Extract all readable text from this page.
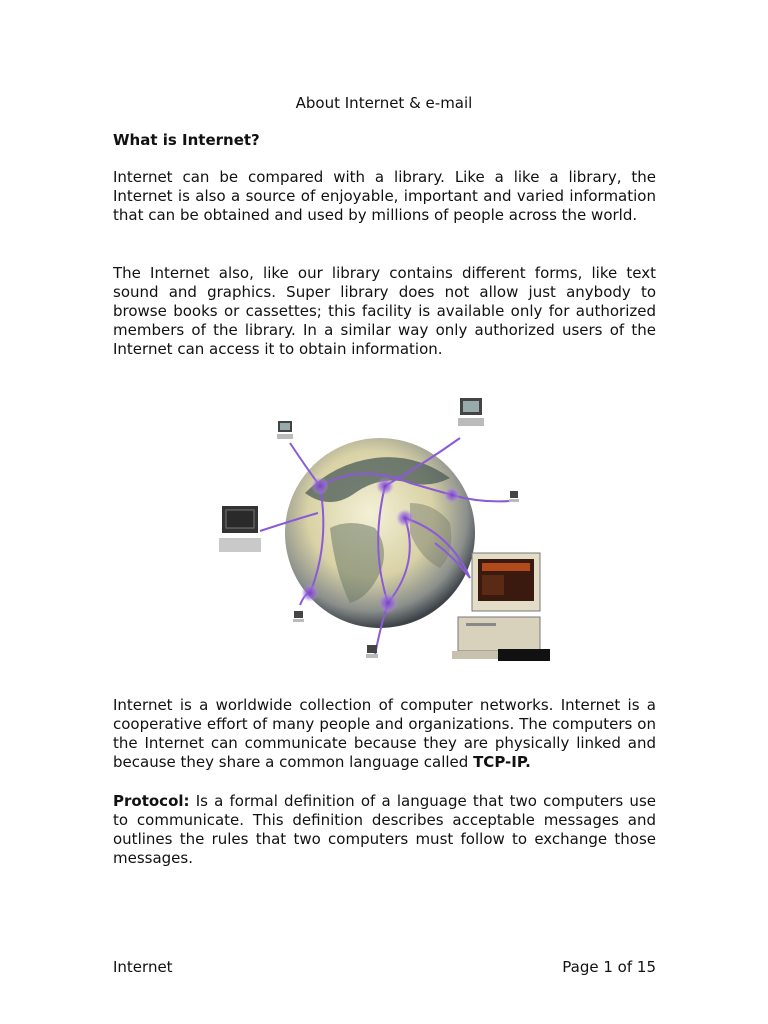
About Internet & e-mail
What is Internet?

Internet can be compared with a library. Like a like a library, the Internet is also a source of enjoyable, important and varied information that can be obtained and used by millions of people across the world.

The Internet also, like our library contains different forms, like text sound and graphics. Super library does not allow just anybody to browse books or cassettes; this facility is available only for authorized members of the library. In a similar way only authorized users of the Internet can access it to obtain information.

Internet is a worldwide collection of computer networks. Internet is a cooperative effort of many people and organizations. The computers on the Internet can communicate because they are physically linked and because they share a common language called TCP-IP.

Protocol: Is a formal definition of a language that two computers use to communicate. This definition describes acceptable messages and outlines the rules that two computers must follow to exchange those messages.

Internet	Page 1 of 15
